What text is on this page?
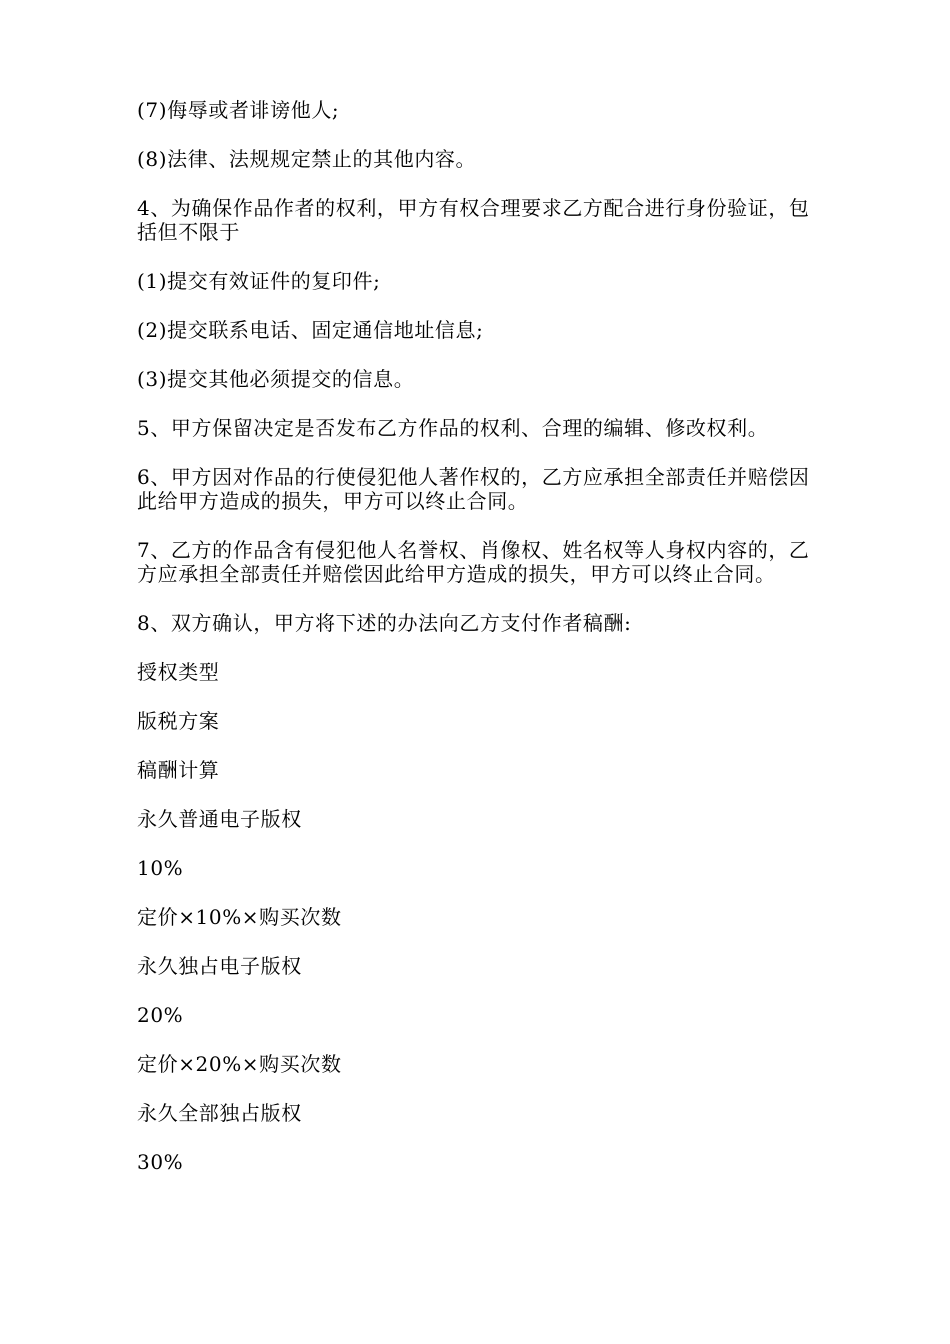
(7)侮辱或者诽谤他人;

(8)法律、法规规定禁止的其他内容。

4、为确保作品作者的权利，甲方有权合理要求乙方配合进行身份验证，包括但不限于

(1)提交有效证件的复印件;

(2)提交联系电话、固定通信地址信息;

(3)提交其他必须提交的信息。

5、甲方保留决定是否发布乙方作品的权利、合理的编辑、修改权利。

6、甲方因对作品的行使侵犯他人著作权的，乙方应承担全部责任并赔偿因此给甲方造成的损失，甲方可以终止合同。

7、乙方的作品含有侵犯他人名誉权、肖像权、姓名权等人身权内容的，乙方应承担全部责任并赔偿因此给甲方造成的损失，甲方可以终止合同。

8、双方确认，甲方将下述的办法向乙方支付作者稿酬:

授权类型

版税方案

稿酬计算

永久普通电子版权

10%

定价×10%×购买次数

永久独占电子版权

20%

定价×20%×购买次数

永久全部独占版权

30%
